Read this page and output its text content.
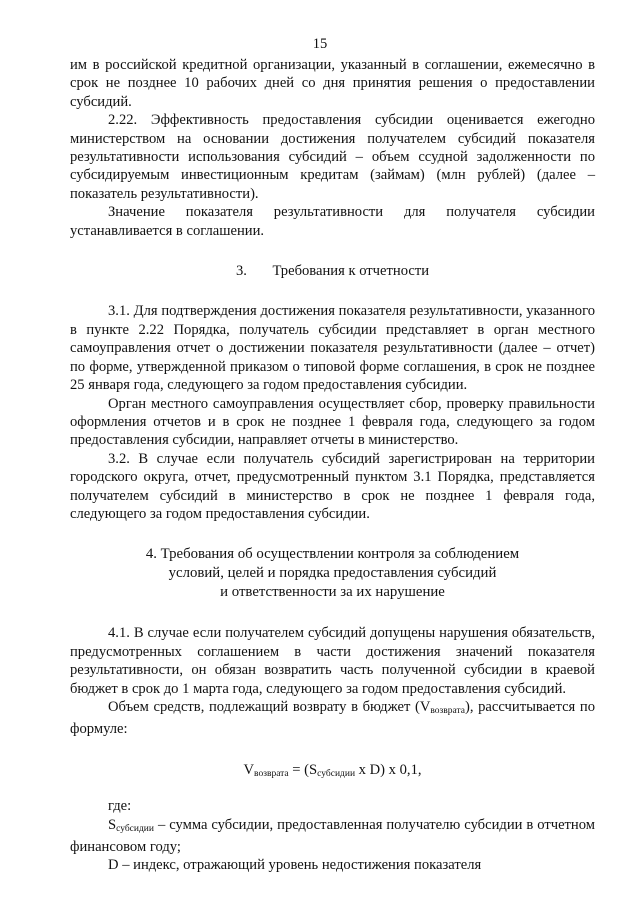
15

им в российской кредитной организации, указанный в соглашении, ежемесячно в срок не позднее 10 рабочих дней со дня принятия решения о предоставлении субсидий.

2.22. Эффективность предоставления субсидии оценивается ежегодно министерством на основании достижения получателем субсидий показателя результативности использования субсидий – объем ссудной задолженности по субсидируемым инвестиционным кредитам (займам) (млн рублей) (далее – показатель результативности).

Значение показателя результативности для получателя субсидии устанавливается в соглашении.

3.       Требования к отчетности

3.1. Для подтверждения достижения показателя результативности, указанного в пункте 2.22 Порядка, получатель субсидии представляет в орган местного самоуправления отчет о достижении показателя результативности (далее – отчет) по форме, утвержденной приказом о типовой форме соглашения, в срок не позднее 25 января года, следующего за годом предоставления субсидии.

Орган местного самоуправления осуществляет сбор, проверку правильности оформления отчетов и в срок не позднее 1 февраля года, следующего за годом предоставления субсидии, направляет отчеты в министерство.

3.2. В случае если получатель субсидий зарегистрирован на территории городского округа, отчет, предусмотренный пунктом 3.1 Порядка, представляется получателем субсидий в министерство в срок не позднее 1 февраля года, следующего за годом предоставления субсидии.

4. Требования об осуществлении контроля за соблюдением
условий, целей и порядка предоставления субсидий
и ответственности за их нарушение

4.1. В случае если получателем субсидий допущены нарушения обязательств, предусмотренных соглашением в части достижения значений показателя результативности, он обязан возвратить часть полученной субсидии в краевой бюджет в срок до 1 марта года, следующего за годом предоставления субсидий.

Объем средств, подлежащий возврату в бюджет $(V_{возврата})$, рассчитывается по формуле:

$V_{возврата} = (S_{субсидии}$ x D) x 0,1,

где:

$S_{субсидии}$ – сумма субсидии, предоставленная получателю субсидии в отчетном финансовом году;

D – индекс, отражающий уровень недостижения показателя
